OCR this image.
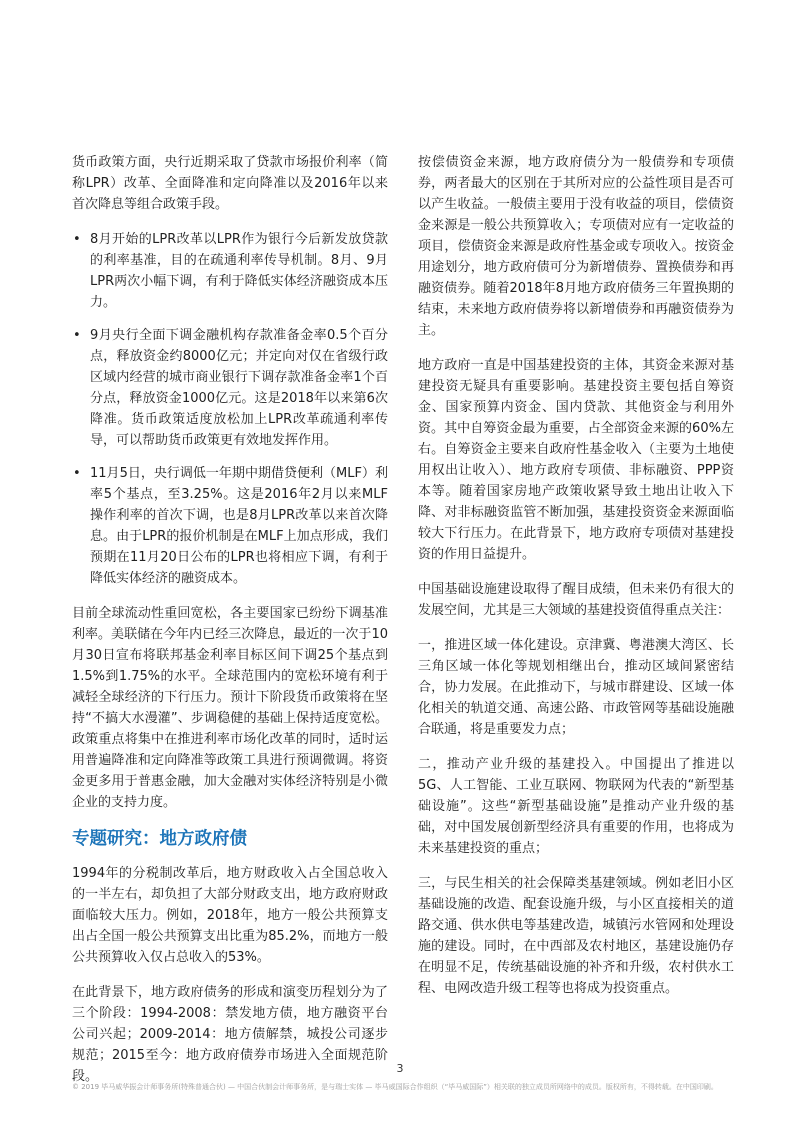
货币政策方面，央行近期采取了贷款市场报价利率（简称LPR）改革、全面降准和定向降准以及2016年以来首次降息等组合政策手段。

• 8月开始的LPR改革以LPR作为银行今后新发放贷款的利率基准，目的在疏通利率传导机制。8月、9月LPR两次小幅下调，有利于降低实体经济融资成本压力。
• 9月央行全面下调金融机构存款准备金率0.5个百分点，释放资金约8000亿元；并定向对仅在省级行政区域内经营的城市商业银行下调存款准备金率1个百分点，释放资金1000亿元。这是2018年以来第6次降准。货币政策适度放松加上LPR改革疏通利率传导，可以帮助货币政策更有效地发挥作用。
• 11月5日，央行调低一年期中期借贷便利（MLF）利率5个基点，至3.25%。这是2016年2月以来MLF操作利率的首次下调，也是8月LPR改革以来首次降息。由于LPR的报价机制是在MLF上加点形成，我们预期在11月20日公布的LPR也将相应下调，有利于降低实体经济的融资成本。

目前全球流动性重回宽松，各主要国家已纷纷下调基准利率。美联储在今年内已经三次降息，最近的一次于10月30日宣布将联邦基金利率目标区间下调25个基点到1.5%到1.75%的水平。全球范围内的宽松环境有利于减轻全球经济的下行压力。预计下阶段货币政策将在坚持“不搞大水漫灌”、步调稳健的基础上保持适度宽松。政策重点将集中在推进利率市场化改革的同时，适时运用普遍降准和定向降准等政策工具进行预调微调。将资金更多用于普惠金融，加大金融对实体经济特别是小微企业的支持力度。

专题研究：地方政府债

1994年的分税制改革后，地方财政收入占全国总收入的一半左右，却负担了大部分财政支出，地方政府财政面临较大压力。例如，2018年，地方一般公共预算支出占全国一般公共预算支出比重为85.2%，而地方一般公共预算收入仅占总收入的53%。

在此背景下，地方政府债务的形成和演变历程划分为了三个阶段：1994-2008：禁发地方债，地方融资平台公司兴起；2009-2014：地方债解禁，城投公司逐步规范；2015至今：地方政府债券市场进入全面规范阶段。

按偿债资金来源，地方政府债分为一般债券和专项债券，两者最大的区别在于其所对应的公益性项目是否可以产生收益。一般债主要用于没有收益的项目，偿债资金来源是一般公共预算收入；专项债对应有一定收益的项目，偿债资金来源是政府性基金或专项收入。按资金用途划分，地方政府债可分为新增债券、置换债券和再融资债券。随着2018年8月地方政府债务三年置换期的结束，未来地方政府债券将以新增债券和再融资债券为主。

地方政府一直是中国基建投资的主体，其资金来源对基建投资无疑具有重要影响。基建投资主要包括自筹资金、国家预算内资金、国内贷款、其他资金与利用外资。其中自筹资金最为重要，占全部资金来源的60%左右。自筹资金主要来自政府性基金收入（主要为土地使用权出让收入）、地方政府专项债、非标融资、PPP资本等。随着国家房地产政策收紧导致土地出让收入下降、对非标融资监管不断加强，基建投资资金来源面临较大下行压力。在此背景下，地方政府专项债对基建投资的作用日益提升。

中国基础设施建设取得了醒目成绩，但未来仍有很大的发展空间，尤其是三大领域的基建投资值得重点关注：

一，推进区域一体化建设。京津冀、粤港澳大湾区、长三角区域一体化等规划相继出台，推动区域间紧密结合，协力发展。在此推动下，与城市群建设、区域一体化相关的轨道交通、高速公路、市政管网等基础设施融合联通，将是重要发力点；

二，推动产业升级的基建投入。中国提出了推进以5G、人工智能、工业互联网、物联网为代表的“新型基础设施”。这些“新型基础设施”是推动产业升级的基础，对中国发展创新型经济具有重要的作用，也将成为未来基建投资的重点；

三，与民生相关的社会保障类基建领域。例如老旧小区基础设施的改造、配套设施升级，与小区直接相关的道路交通、供水供电等基建改造，城镇污水管网和处理设施的建设。同时，在中西部及农村地区，基建设施仍存在明显不足，传统基础设施的补齐和升级，农村供水工程、电网改造升级工程等也将成为投资重点。

3
© 2019 毕马威华振会计师事务所(特殊普通合伙) — 中国合伙制会计师事务所，是与瑞士实体 — 毕马威国际合作组织（“毕马威国际”）相关联的独立成员所网络中的成员。版权所有，不得转载。在中国印刷。
